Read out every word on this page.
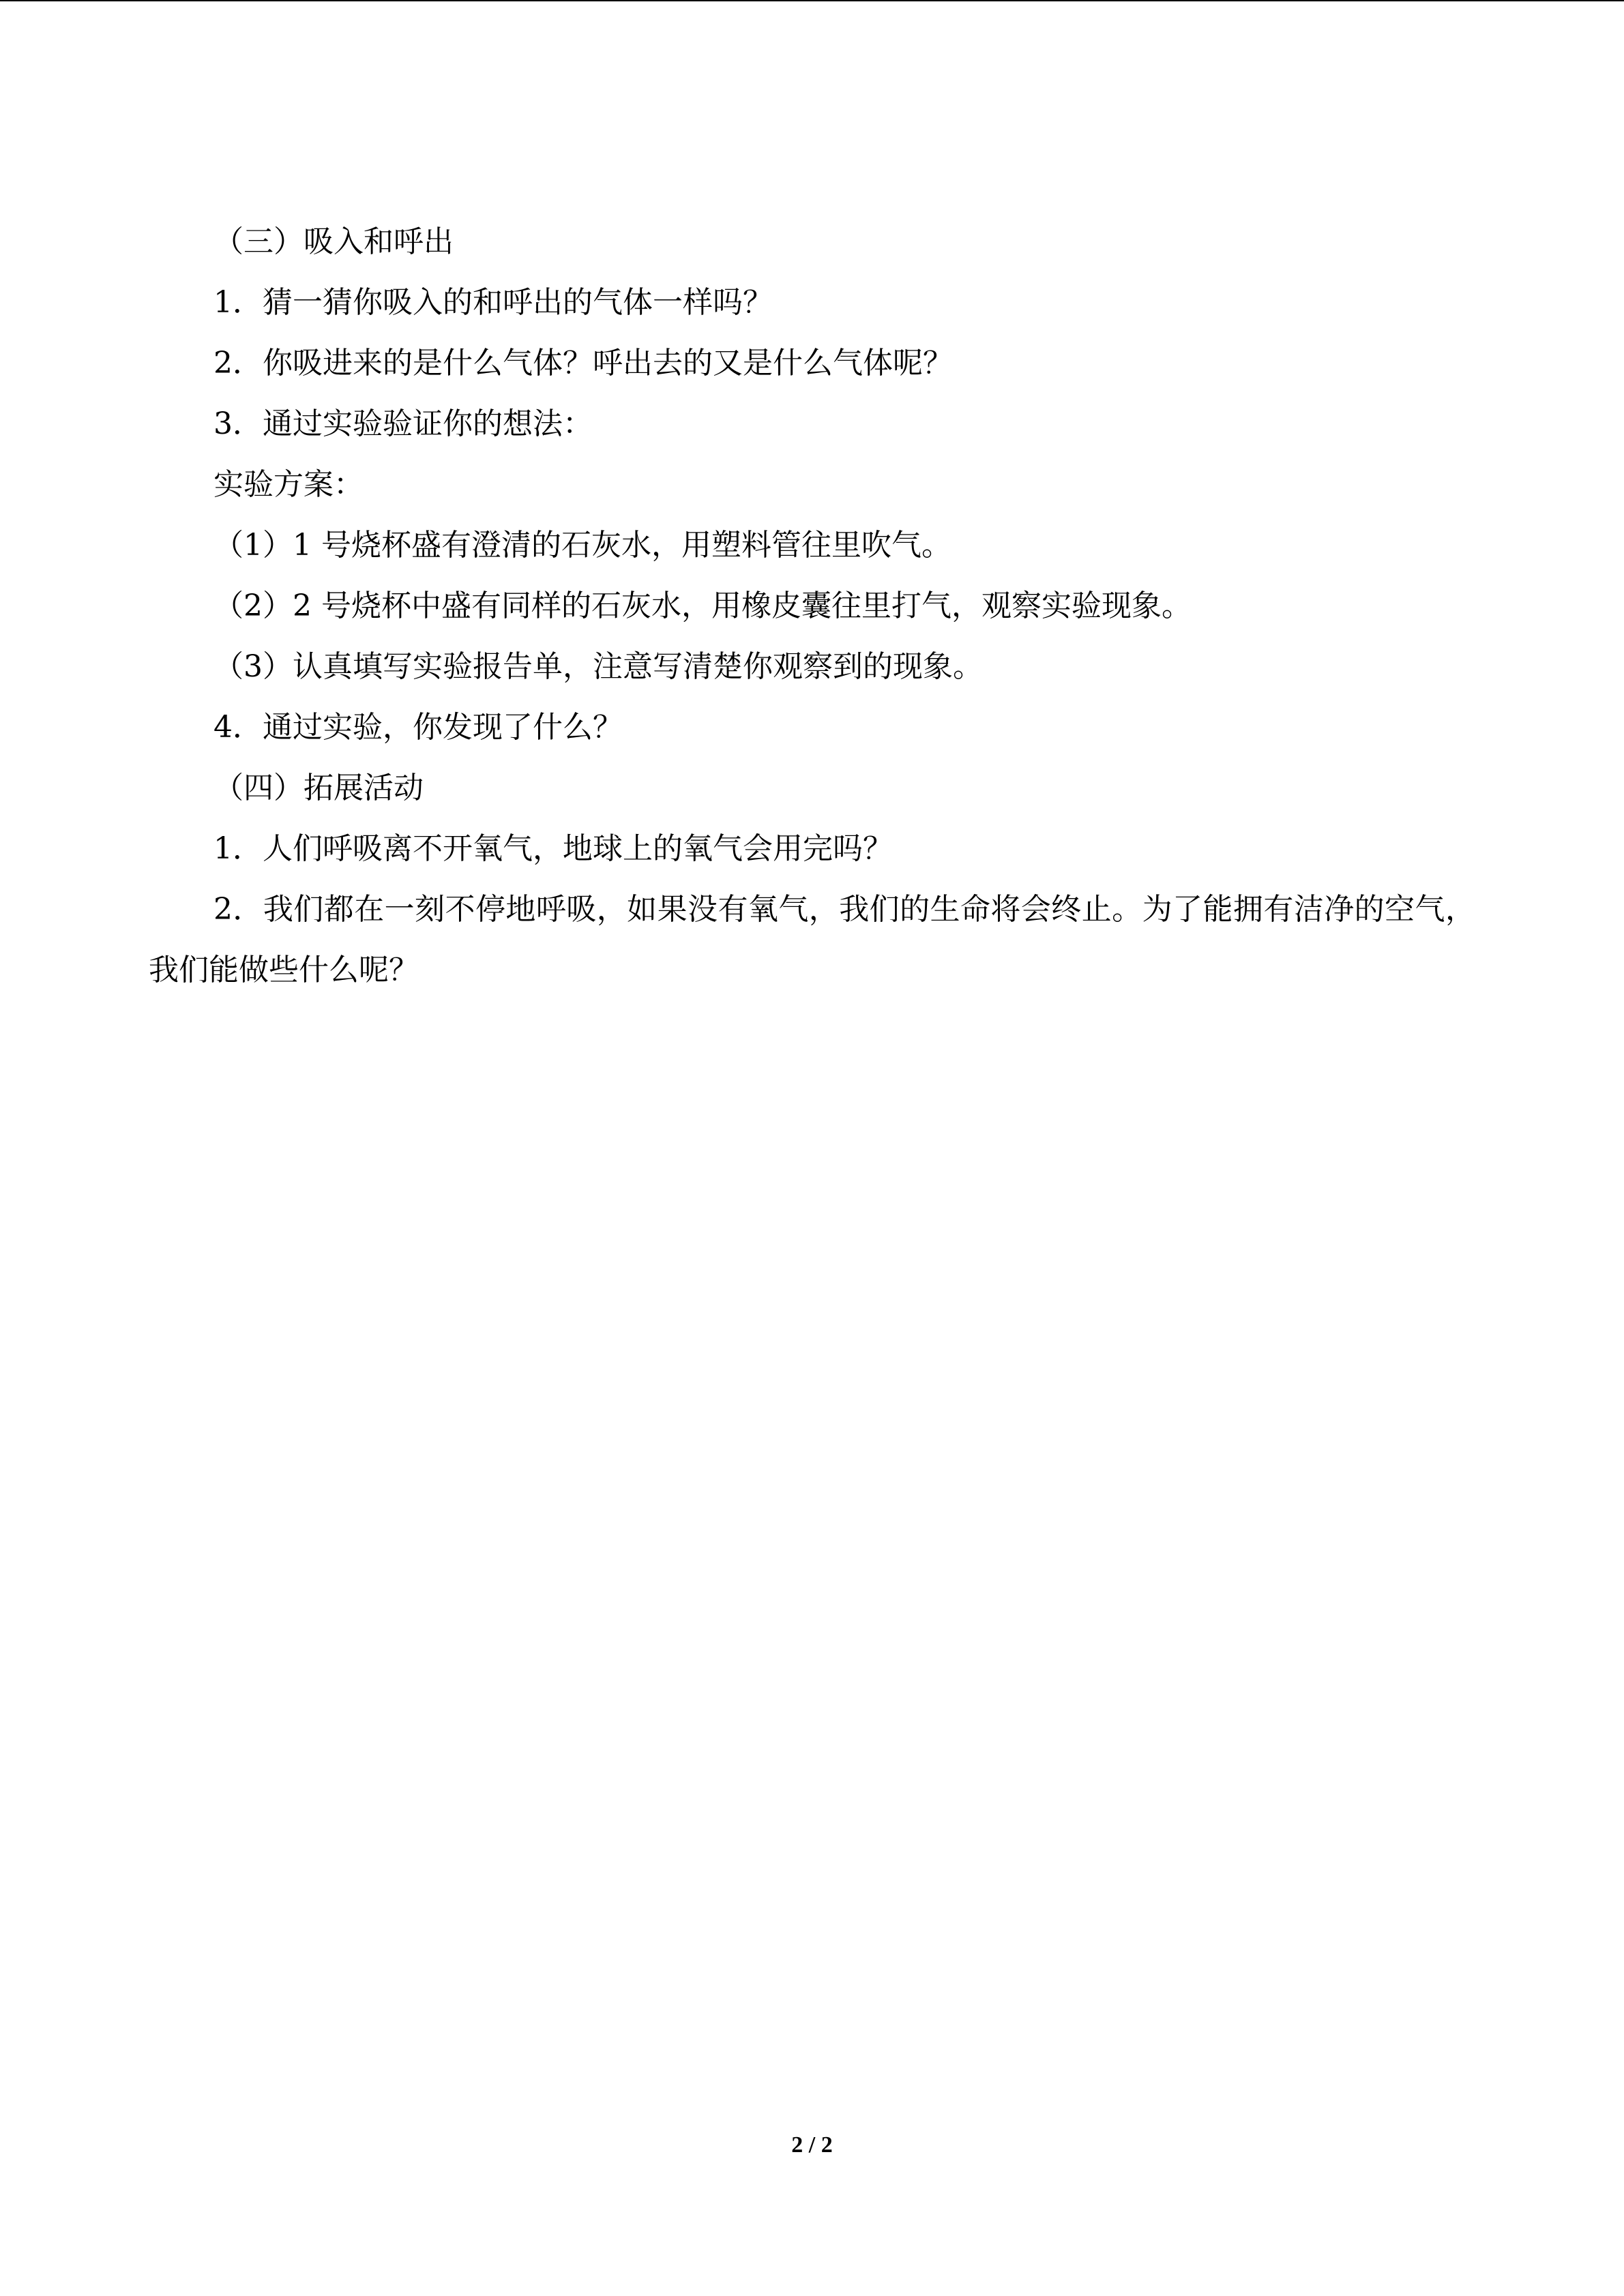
（三）吸入和呼出
1．猜一猜你吸入的和呼出的气体一样吗？
2．你吸进来的是什么气体？呼出去的又是什么气体呢？
3．通过实验验证你的想法：
实验方案：
（1）1 号烧杯盛有澄清的石灰水，用塑料管往里吹气。
（2）2 号烧杯中盛有同样的石灰水，用橡皮囊往里打气，观察实验现象。
（3）认真填写实验报告单，注意写清楚你观察到的现象。
4．通过实验，你发现了什么？
（四）拓展活动
1．人们呼吸离不开氧气，地球上的氧气会用完吗？
2．我们都在一刻不停地呼吸，如果没有氧气，我们的生命将会终止。为了能拥有洁净的空气，我们能做些什么呢？
2 / 2
